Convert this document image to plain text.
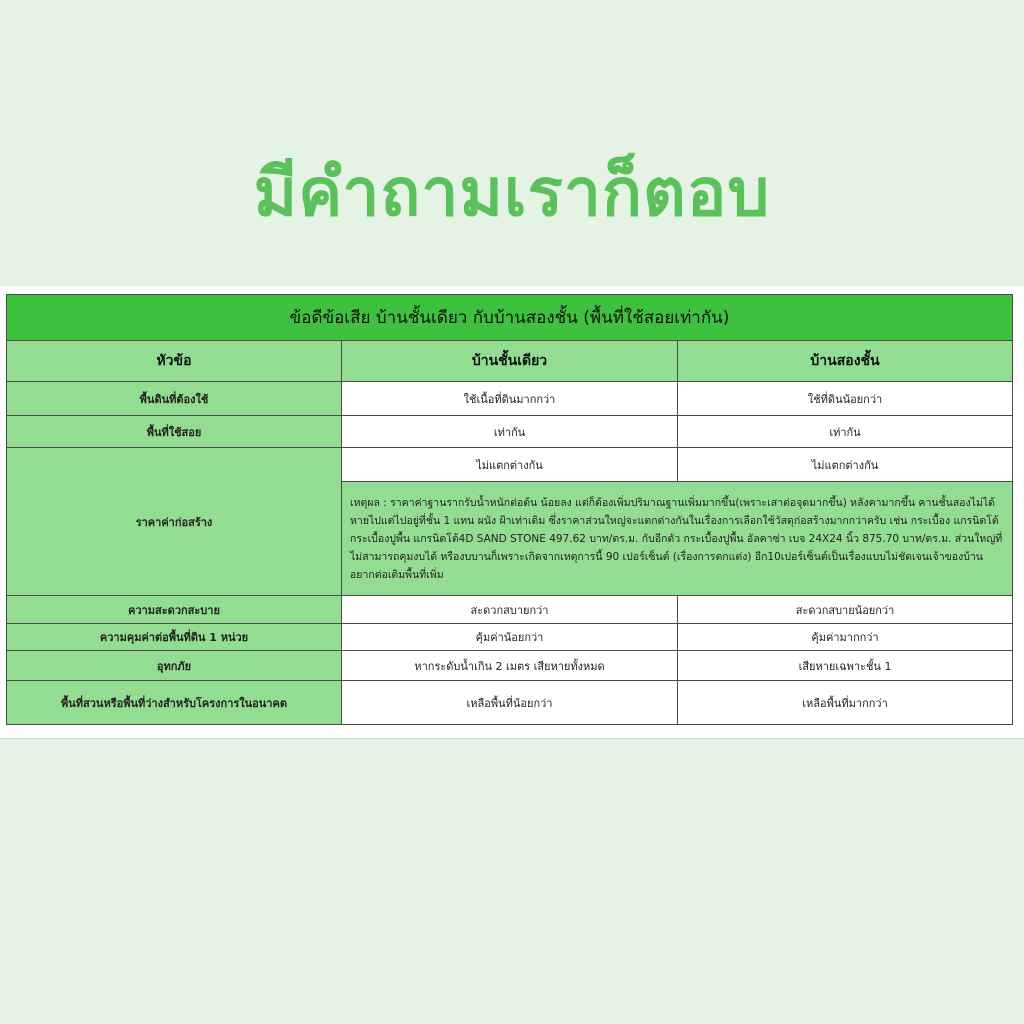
มีคำถามเราก็ตอบ
ข้อดีข้อเสีย บ้านชั้นเดียว กับบ้านสองชั้น (พื้นที่ใช้สอยเท่ากัน)		
หัวข้อ	บ้านชั้นเดียว	บ้านสองชั้น
พื้นดินที่ต้องใช้	ใช้เนื้อที่ดินมากกว่า	ใช้ที่ดินน้อยกว่า
พื้นที่ใช้สอย	เท่ากัน	เท่ากัน
ราคาค่าก่อสร้าง	ไม่แตกต่างกัน	ไม่แตกต่างกัน
	เหตุผล : ราคาค่าฐานรากรับน้ำหนักต่อต้น น้อยลง แต่ก็ต้องเพิ่มปริมาณฐานเพิ่มมากขึ้น(เพราะเสาต่อจุดมากขึ้น) หลังคามากขึ้น คานชั้นสองไม่ได้หายไปแต่ไปอยู่ที่ชั้น 1 แทน ผนัง ฝ้าเท่าเดิม ซึ่งราคาส่วนใหญ่จะแตกต่างกันในเรื่องการเลือกใช้วัสดุก่อสร้างมากกว่าครับ เช่น กระเบื้อง แกรนิตโต้ กระเบื้องปูพื้น แกรนิตโต้4D SAND STONE 497.62 บาท/ตร.ม. กับอีกตัว กระเบื้องปูพื้น อัลคาซ่า เบจ 24X24 นิ้ว 875.70 บาท/ตร.ม. ส่วนใหญ่ที่ไม่สามารถคุมงบได้ หรืองบบานก็เพราะเกิดจากเหตุการนี้ 90 เปอร์เซ็นต์ (เรื่องการตกแต่ง) อีก10เปอร์เซ็นต์เป็นเรื่องแบบไม่ชัดเจนเจ้าของบ้านอยากต่อเติมพื้นที่เพิ่ม	
ความสะดวกสะบาย	สะดวกสบายกว่า	สะดวกสบายน้อยกว่า
ความคุมค่าต่อพื้นที่ดิน 1 หน่วย	คุ้มค่าน้อยกว่า	คุ้มค่ามากกว่า
อุทกภัย	หากระดับน้ำเกิน 2 เมตร เสียหายทั้งหมด	เสียหายเฉพาะชั้น 1
พื้นที่สวนหรือพื้นที่ว่างสำหรับโครงการในอนาคต	เหลือพื้นที่น้อยกว่า	เหลือพื้นที่มากกว่า
